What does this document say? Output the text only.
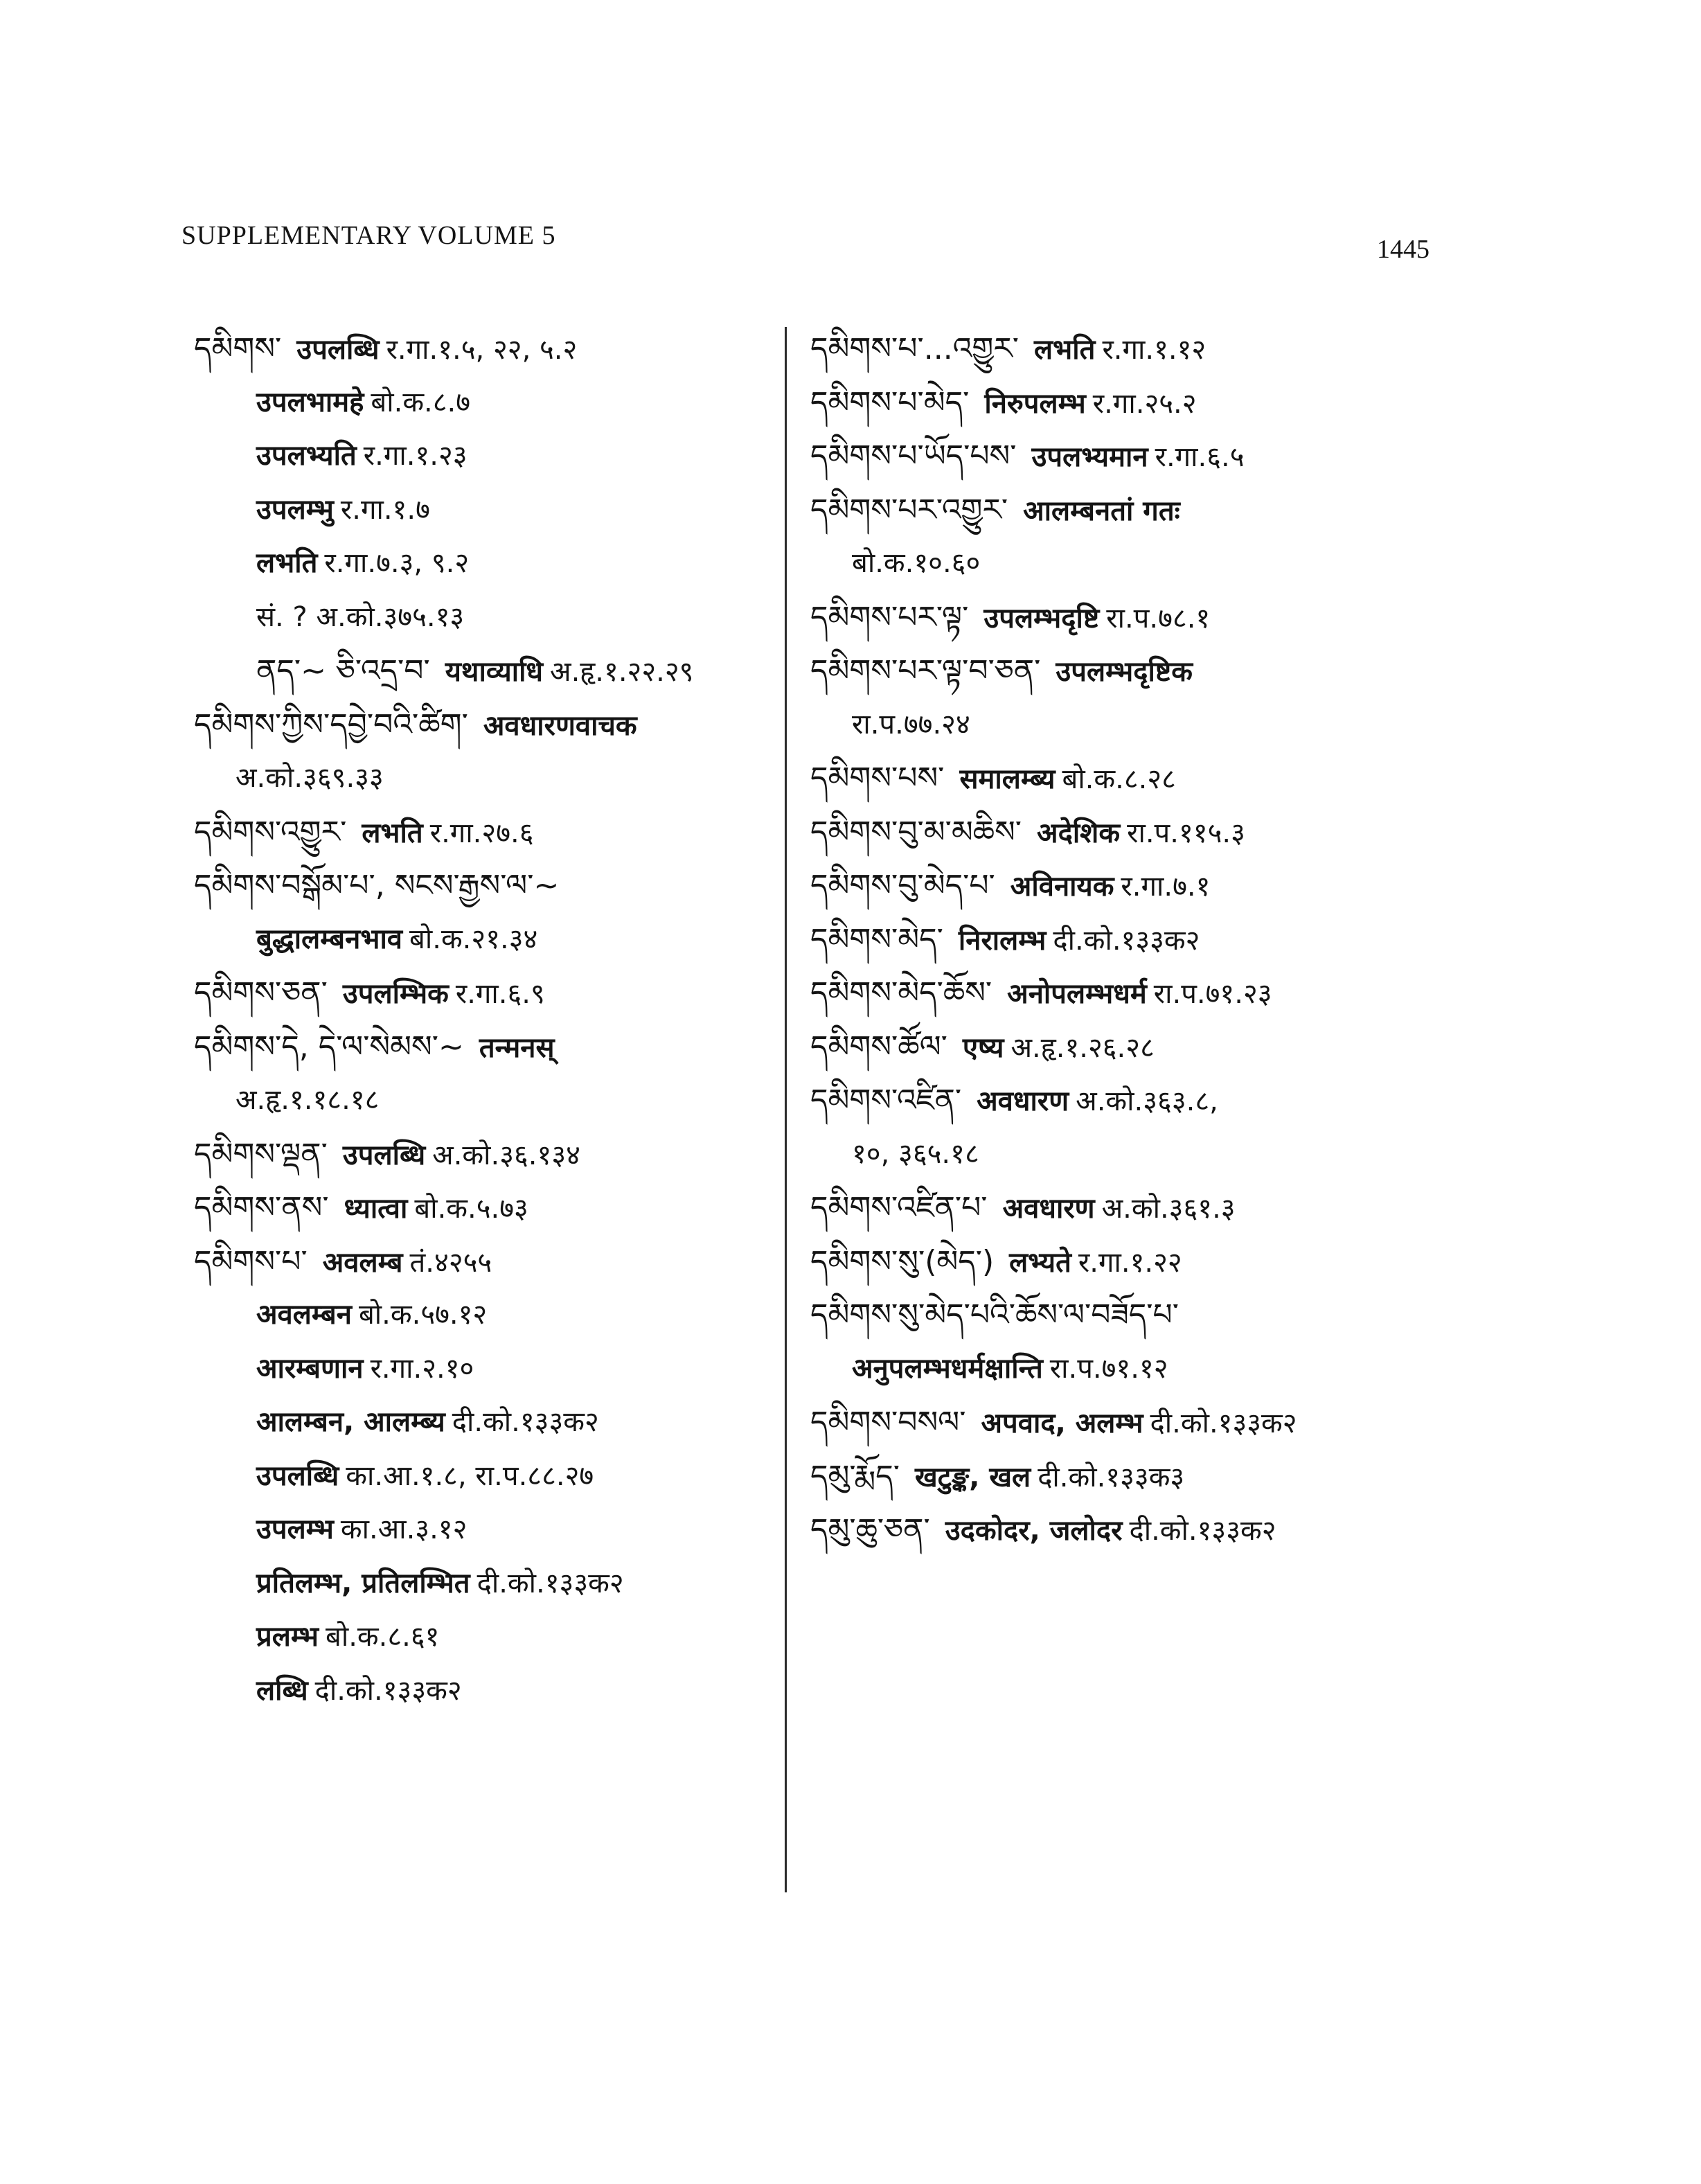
SUPPLEMENTARY VOLUME 5	1445
དམིགས་ उपलब्धि र.गा.१.५, २२, ५.२
उपलभामहे बो.क.८.७
उपलभ्यति र.गा.१.२३
उपलम्भु र.गा.१.७
लभति र.गा.७.३, ९.२
सं. ? अ.को.३७५.१३
ནད་~ ཅི་འདྲ་བ་ यथाव्याधि अ.हृ.१.२२.२९
དམིགས་ཀྱིས་དབྱེ་བའི་ཚིག་ अवधारणवाचक
अ.को.३६९.३३
དམིགས་འགྱུར་ लभति र.गा.२७.६
དམིགས་བསྒོམ་པ་, སངས་རྒྱས་ལ་~
बुद्धालम्बनभाव बो.क.२१.३४
དམིགས་ཅན་ उपलम्भिक र.गा.६.९
དམིགས་དེ, དེ་ལ་སེམས་~ तन्मनस्
अ.हृ.१.१८.१८
དམིགས་ལྡན་ उपलब्धि अ.को.३६.१३४
དམིགས་ནས་ ध्यात्वा बो.क.५.७३
དམིགས་པ་ अवलम्ब तं.४२५५
अवलम्बन बो.क.५७.१२
आरम्बणान र.गा.२.१०
आलम्बन, आलम्ब्य दी.को.१३३क२
उपलब्धि का.आ.१.८, रा.प.८८.२७
उपलम्भ का.आ.३.१२
प्रतिलम्भ, प्रतिलम्भित दी.को.१३३क२
प्रलम्भ बो.क.८.६१
लब्धि दी.को.१३३क२
དམིགས་པ་...འགྱུར་ लभति र.गा.१.१२
དམིགས་པ་མེད་ निरुपलम्भ र.गा.२५.२
དམིགས་པ་ཡོད་པས་ उपलभ्यमान र.गा.६.५
དམིགས་པར་འགྱུར་ आलम्बनतां गतः
बो.क.१०.६०
དམིགས་པར་ལྟ་ उपलम्भदृष्टि रा.प.७८.१
དམིགས་པར་ལྟ་བ་ཅན་ उपलम्भदृष्टिक
रा.प.७७.२४
དམིགས་པས་ समालम्ब्य बो.क.८.२८
དམིགས་བུ་མ་མཆིས་ अदेशिक रा.प.११५.३
དམིགས་བུ་མེད་པ་ अविनायक र.गा.७.१
དམིགས་མེད་ निरालम्भ दी.को.१३३क२
དམིགས་མེད་ཆོས་ अनोपलम्भधर्म रा.प.७१.२३
དམིགས་ཚོལ་ एष्य अ.हृ.१.२६.२८
དམིགས་འཛིན་ अवधारण अ.को.३६३.८,
१०, ३६५.१८
དམིགས་འཛིན་པ་ अवधारण अ.को.३६१.३
དམིགས་སུ་(མེད་) लभ्यते र.गा.१.२२
དམིགས་སུ་མེད་པའི་ཆོས་ལ་བཟོད་པ་
अनुपलम्भधर्मक्षान्ति रा.प.७१.१२
དམིགས་བསལ་ अपवाद, अलम्भ दी.को.१३३क२
དམུ་རྨོད་ खटुङ्क, खल दी.को.१३३क३
དམུ་ཆུ་ཅན་ उदकोदर, जलोदर दी.को.१३३क२
